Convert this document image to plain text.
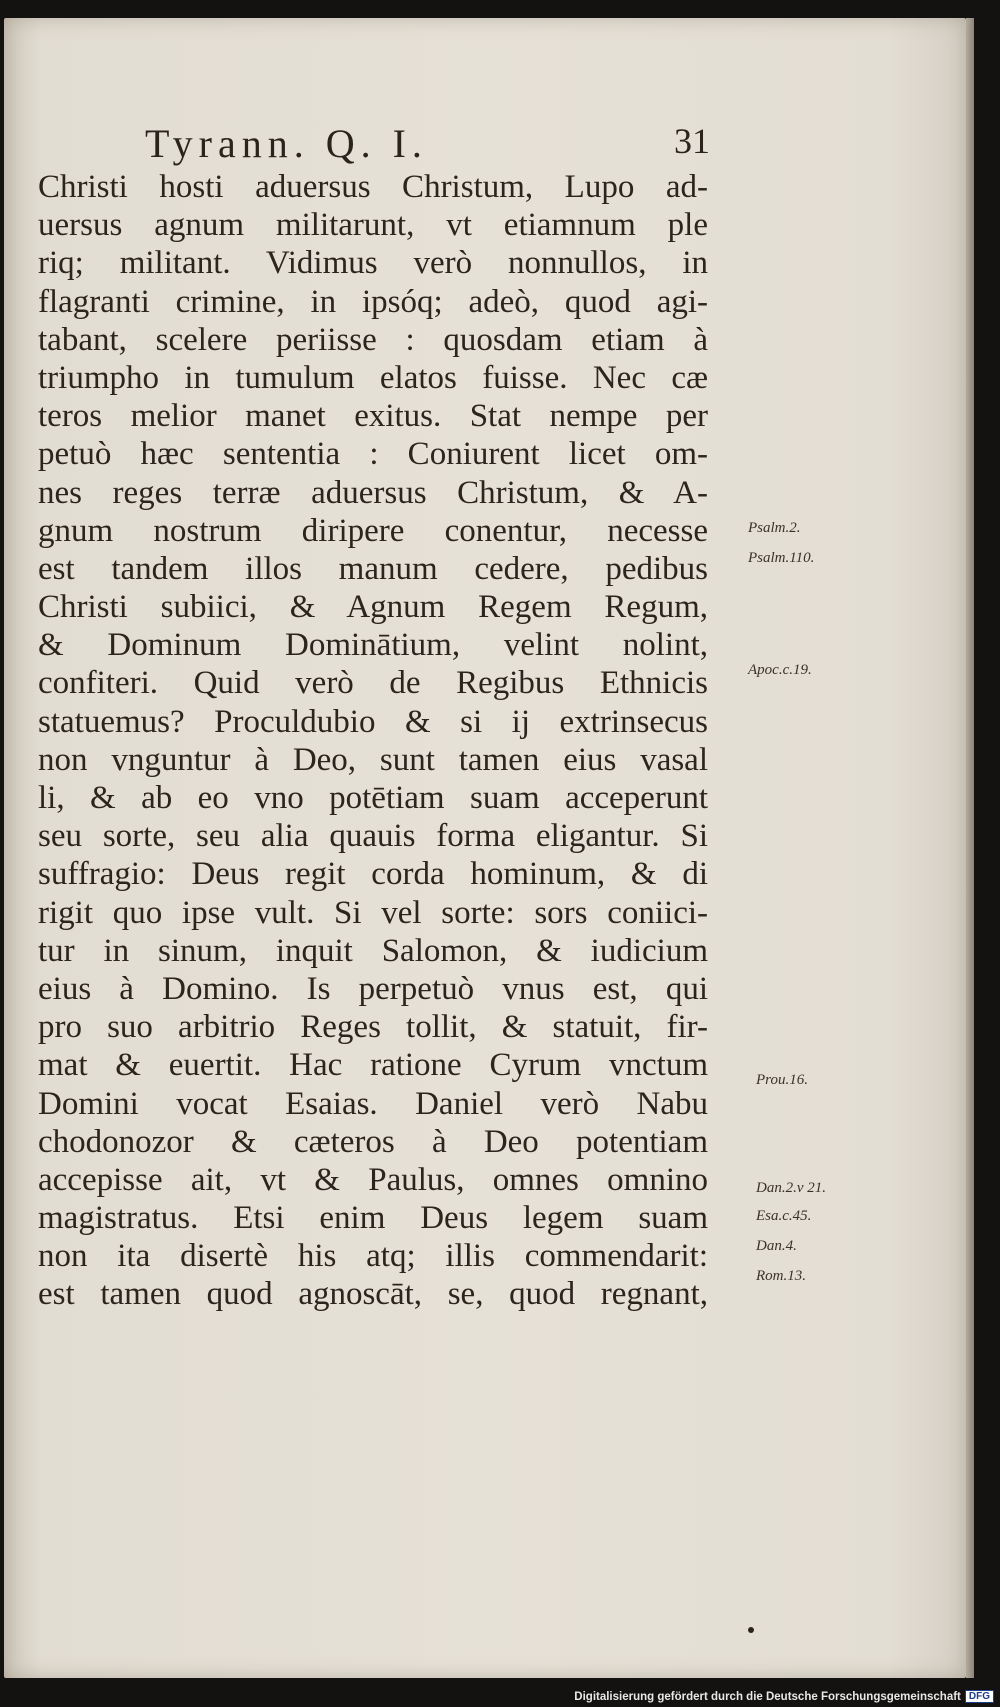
Tyrann. Q. I.	31
Christi hosti aduersus Christum, Lupo ad-
uersus agnum militarunt, vt etiamnum ple
riq; militant. Vidimus verò nonnullos, in
flagranti crimine, in ipsóq; adeò, quod agi-
tabant, scelere periisse : quosdam etiam à
triumpho in tumulum elatos fuisse. Nec cæ
teros melior manet exitus. Stat nempe per
petuò hæc sententia : Coniurent licet om-
nes reges terræ aduersus Christum, & A-
gnum nostrum diripere conentur, necesse
est tandem illos manum cedere, pedibus
Christi subiici, & Agnum Regem Regum,
& Dominum Dominātium, velint nolint,
confiteri. Quid verò de Regibus Ethnicis
statuemus? Proculdubio & si ij extrinsecus
non vnguntur à Deo, sunt tamen eius vasal
li, & ab eo vno potētiam suam acceperunt
seu sorte, seu alia quauis forma eligantur. Si
suffragio: Deus regit corda hominum, & di
rigit quo ipse vult. Si vel sorte: sors coniici-
tur in sinum, inquit Salomon, & iudicium
eius à Domino. Is perpetuò vnus est, qui
pro suo arbitrio Reges tollit, & statuit, fir-
mat & euertit. Hac ratione Cyrum vnctum
Domini vocat Esaias. Daniel verò Nabu
chodonozor & cæteros à Deo potentiam
accepisse ait, vt & Paulus, omnes omnino
magistratus. Etsi enim Deus legem suam
non ita disertè his atq; illis commendarit:
est tamen quod agnoscāt, se, quod regnant,
Psalm.2.
Psalm.110.
Apoc.c.19.
Prou.16.
Dan.2.v 21.
Esa.c.45.
Dan.4.
Rom.13.
Digitalisierung gefördert durch die Deutsche Forschungsgemeinschaft DFG
